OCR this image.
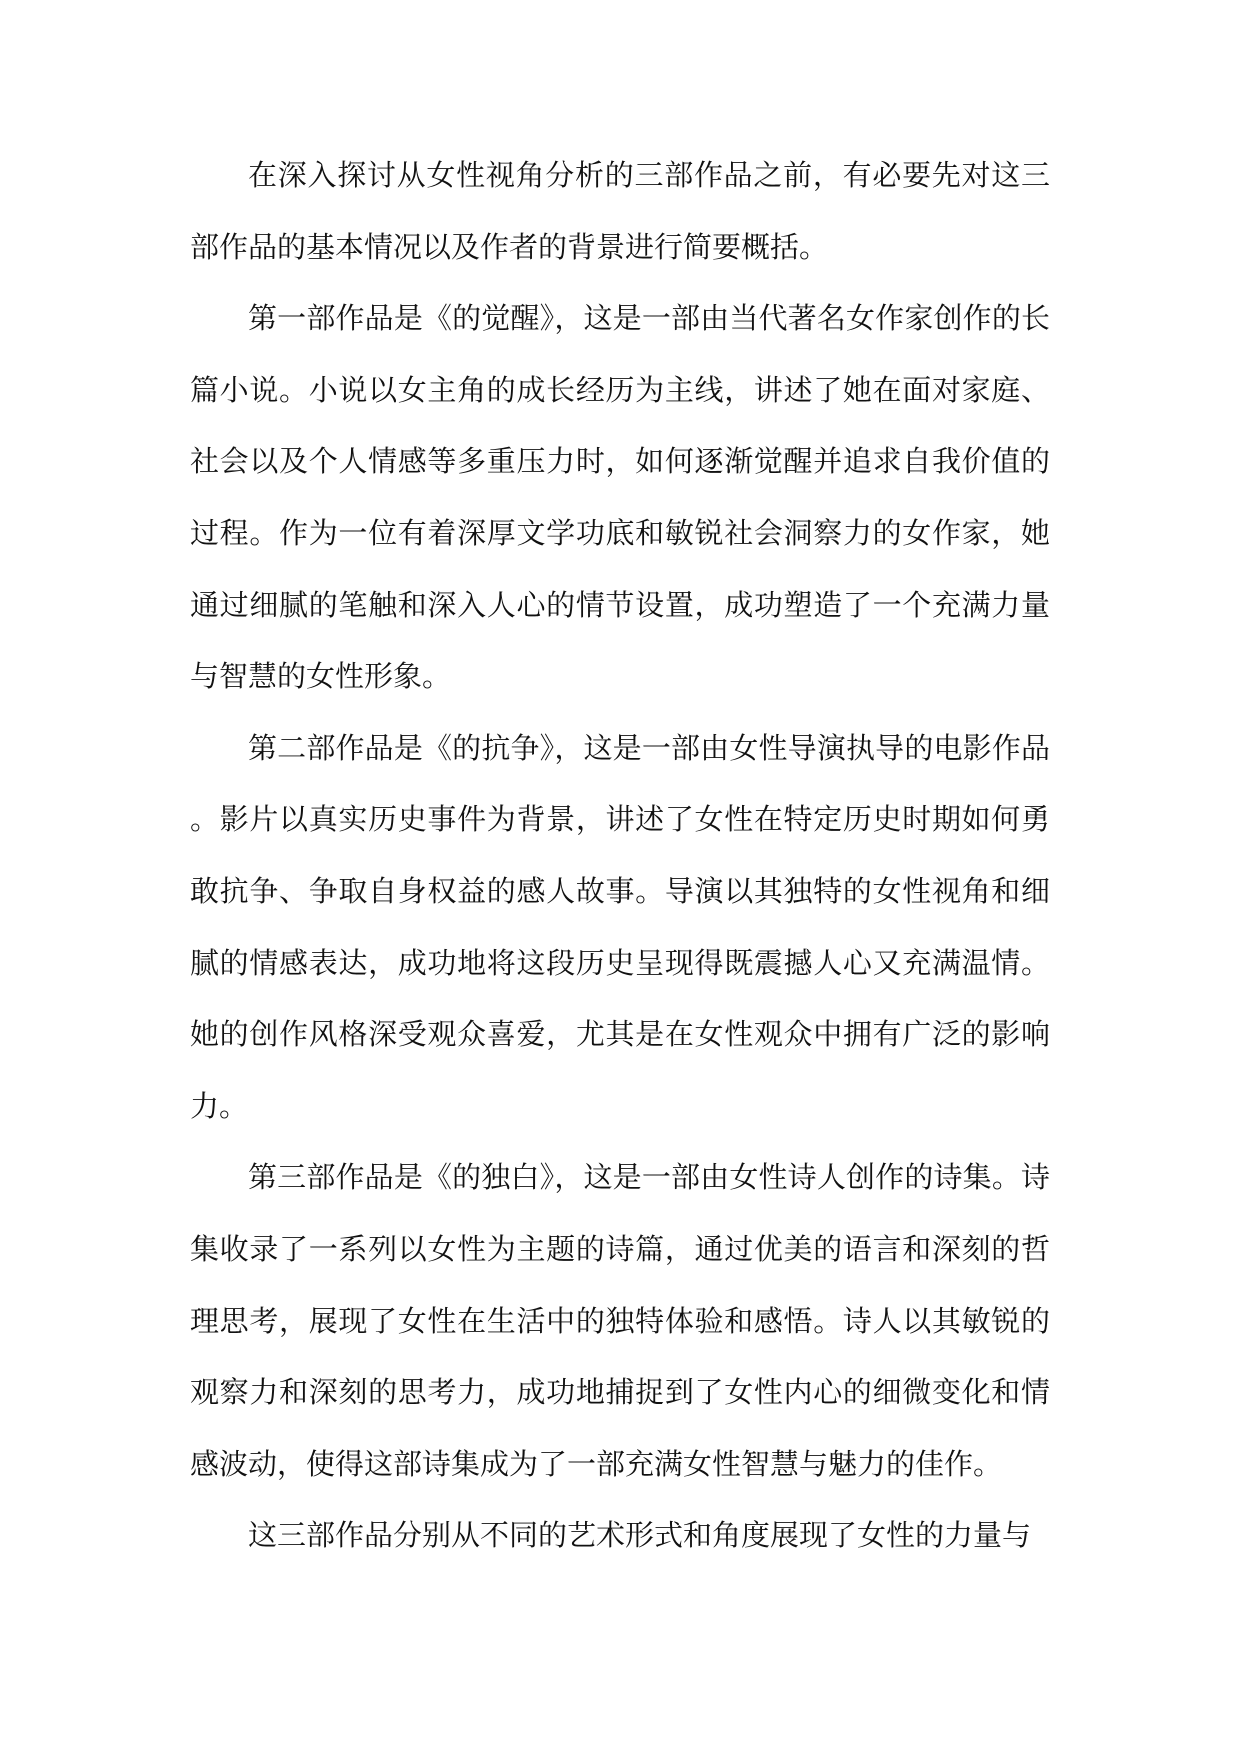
在深入探讨从女性视角分析的三部作品之前，有必要先对这三部作品的基本情况以及作者的背景进行简要概括。

第一部作品是《的觉醒》，这是一部由当代著名女作家创作的长篇小说。小说以女主角的成长经历为主线，讲述了她在面对家庭、社会以及个人情感等多重压力时，如何逐渐觉醒并追求自我价值的过程。作为一位有着深厚文学功底和敏锐社会洞察力的女作家，她通过细腻的笔触和深入人心的情节设置，成功塑造了一个充满力量与智慧的女性形象。

第二部作品是《的抗争》，这是一部由女性导演执导的电影作品。影片以真实历史事件为背景，讲述了女性在特定历史时期如何勇敢抗争、争取自身权益的感人故事。导演以其独特的女性视角和细腻的情感表达，成功地将这段历史呈现得既震撼人心又充满温情。她的创作风格深受观众喜爱，尤其是在女性观众中拥有广泛的影响力。

第三部作品是《的独白》，这是一部由女性诗人创作的诗集。诗集收录了一系列以女性为主题的诗篇，通过优美的语言和深刻的哲理思考，展现了女性在生活中的独特体验和感悟。诗人以其敏锐的观察力和深刻的思考力，成功地捕捉到了女性内心的细微变化和情感波动，使得这部诗集成为了一部充满女性智慧与魅力的佳作。

这三部作品分别从不同的艺术形式和角度展现了女性的力量与
